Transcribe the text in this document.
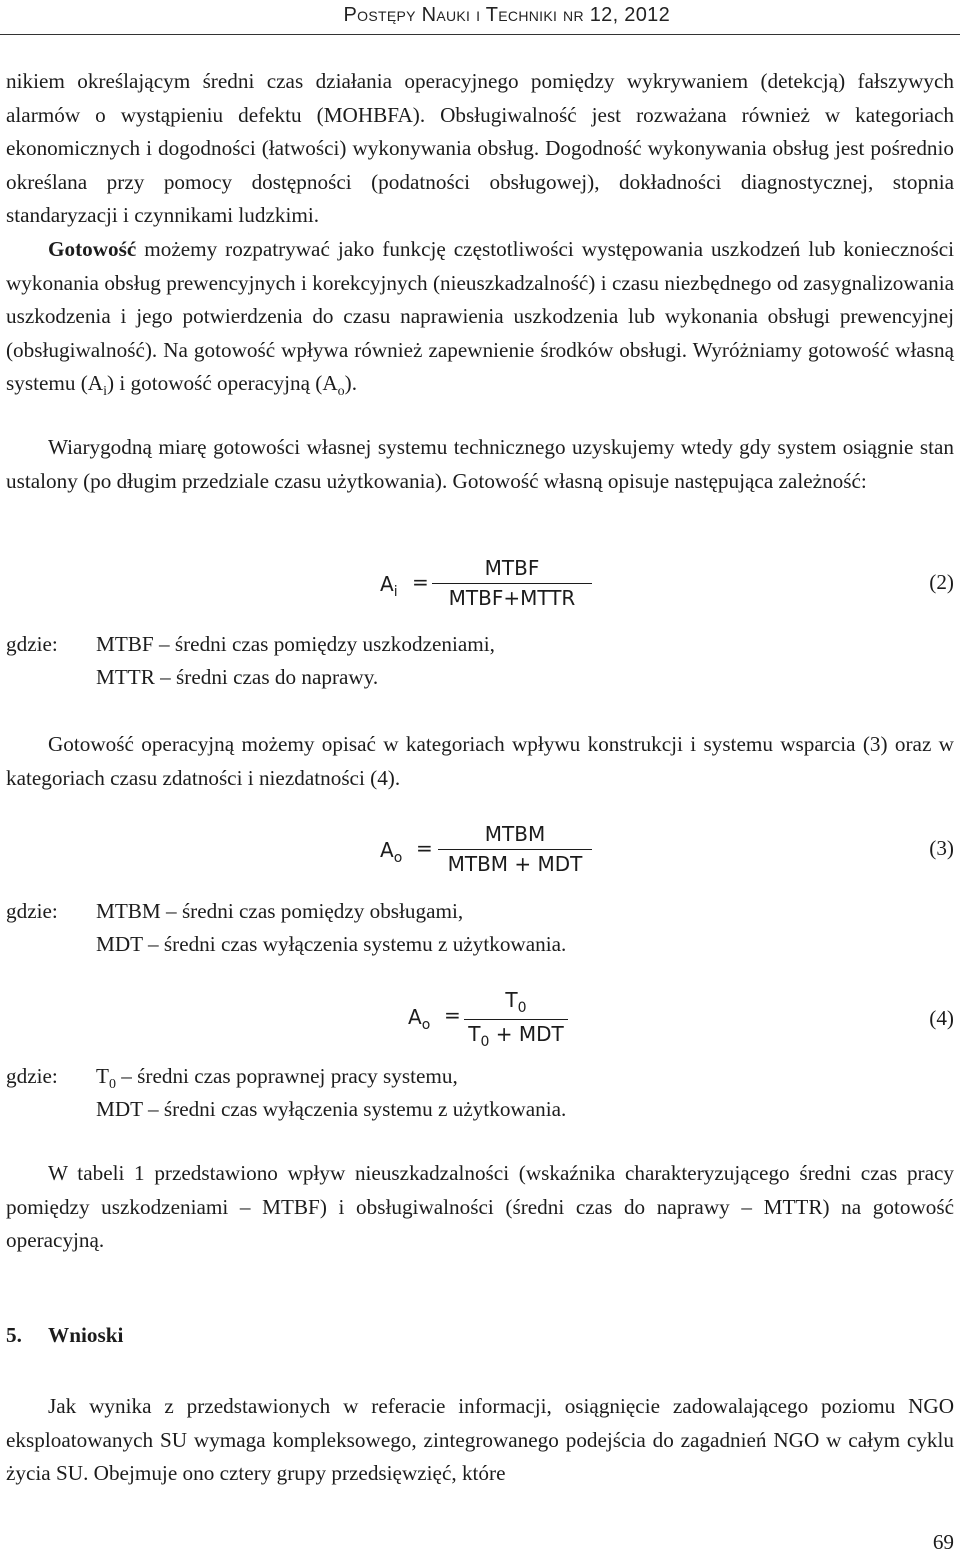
Postępy Nauki i Techniki nr 12, 2012

nikiem określającym średni czas działania operacyjnego pomiędzy wykrywaniem (detekcją) fałszywych alarmów o wystąpieniu defektu (MOHBFA). Obsługiwalność jest rozważana również w kategoriach ekonomicznych i dogodności (łatwości) wykonywania obsług. Dogodność wykonywania obsług jest pośrednio określana przy pomocy dostępności (podatności obsługowej), dokładności diagnostycznej, stopnia standaryzacji i czynnikami ludzkimi.

Gotowość możemy rozpatrywać jako funkcję częstotliwości występowania uszkodzeń lub konieczności wykonania obsług prewencyjnych i korekcyjnych (nieuszkadzalność) i czasu niezbędnego od zasygnalizowania uszkodzenia i jego potwierdzenia do czasu naprawienia uszkodzenia lub wykonania obsługi prewencyjnej (obsługiwalność). Na gotowość wpływa również zapewnienie środków obsługi. Wyróżniamy gotowość własną systemu $(A_i)$ i gotowość operacyjną $(A_o)$.

Wiarygodną miarę gotowości własnej systemu technicznego uzyskujemy wtedy gdy system osiągnie stan ustalony (po długim przedziale czasu użytkowania). Gotowość własną opisuje następująca zależność:

$A_i$ =
MTBF
MTBF+MTTR
(2)
gdzie: MTBF – średni czas pomiędzy uszkodzeniami,
MTTR – średni czas do naprawy.

Gotowość operacyjną możemy opisać w kategoriach wpływu konstrukcji i systemu wsparcia (3) oraz w kategoriach czasu zdatności i niezdatności (4).

$A_o$ =
MTBM
MTBM + MDT
(3)
gdzie: MTBM – średni czas pomiędzy obsługami,
MDT – średni czas wyłączenia systemu z użytkowania.
$A_o$ =
$T_0$
$T_0$ + MDT
(4)
gdzie: $T_0$ – średni czas poprawnej pracy systemu,
MDT – średni czas wyłączenia systemu z użytkowania.

W tabeli 1 przedstawiono wpływ nieuszkadzalności (wskaźnika charakteryzującego średni czas pracy pomiędzy uszkodzeniami – MTBF) i obsługiwalności (średni czas do naprawy – MTTR) na gotowość operacyjną.

5. Wnioski

Jak wynika z przedstawionych w referacie informacji, osiągnięcie zadowalającego poziomu NGO eksploatowanych SU wymaga kompleksowego, zintegrowanego podejścia do zagadnień NGO w całym cyklu życia SU. Obejmuje ono cztery grupy przedsięwzięć, które

69
